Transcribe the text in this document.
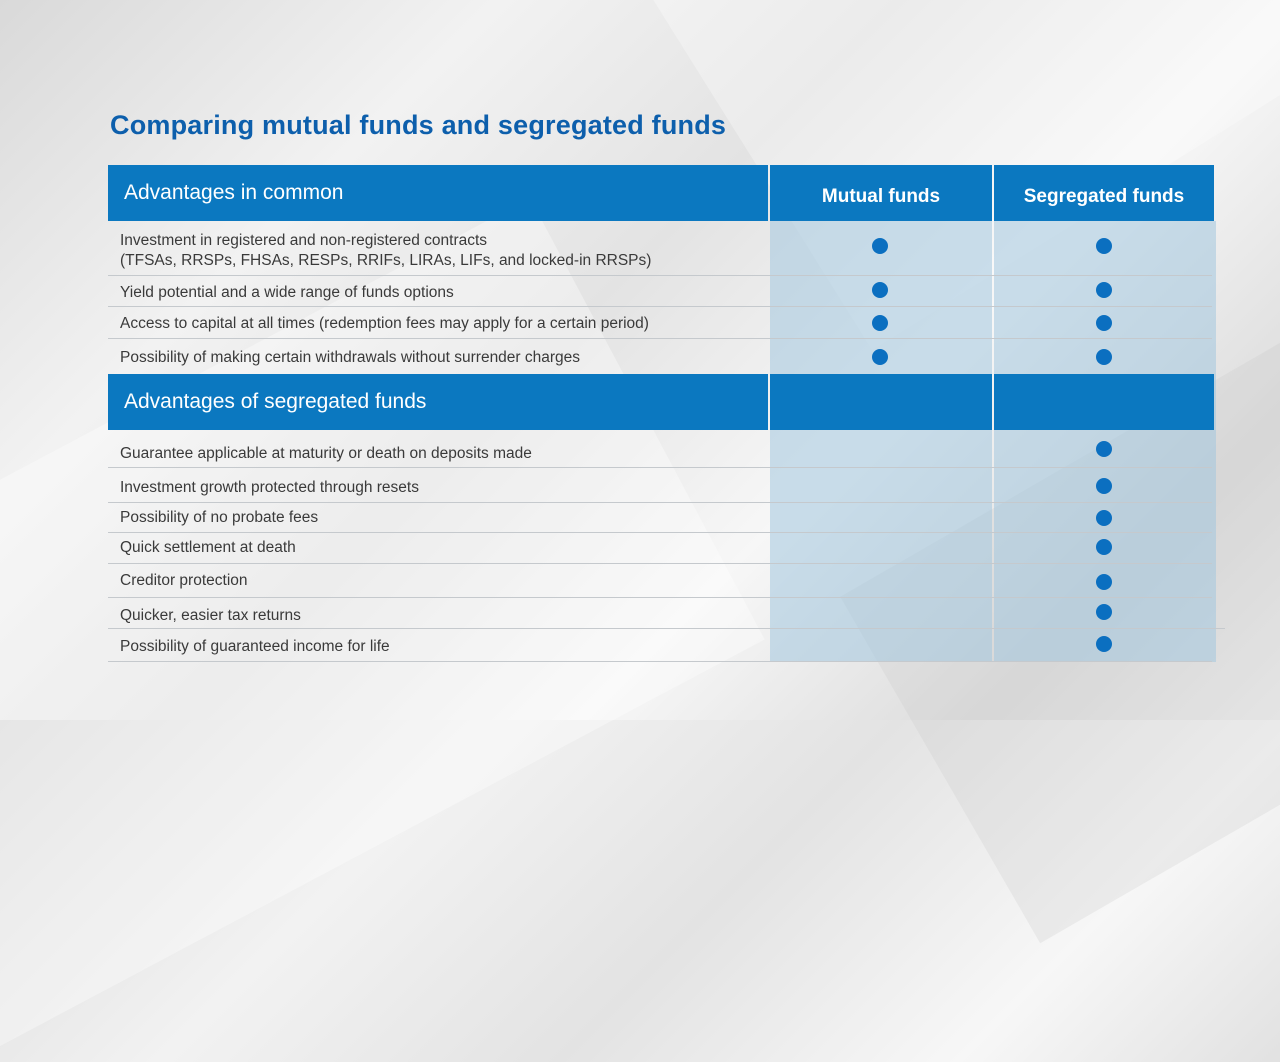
Comparing mutual funds and segregated funds
Advantages in common	Mutual funds	Segregated funds
Investment in registered and non-registered contracts
(TFSAs, RRSPs, FHSAs, RESPs, RRIFs, LIRAs, LIFs, and locked-in RRSPs)
Yield potential and a wide range of funds options
Access to capital at all times (redemption fees may apply for a certain period)
Possibility of making certain withdrawals without surrender charges
Advantages of segregated funds
Guarantee applicable at maturity or death on deposits made
Investment growth protected through resets
Possibility of no probate fees
Quick settlement at death
Creditor protection
Quicker, easier tax returns
Possibility of guaranteed income for life
